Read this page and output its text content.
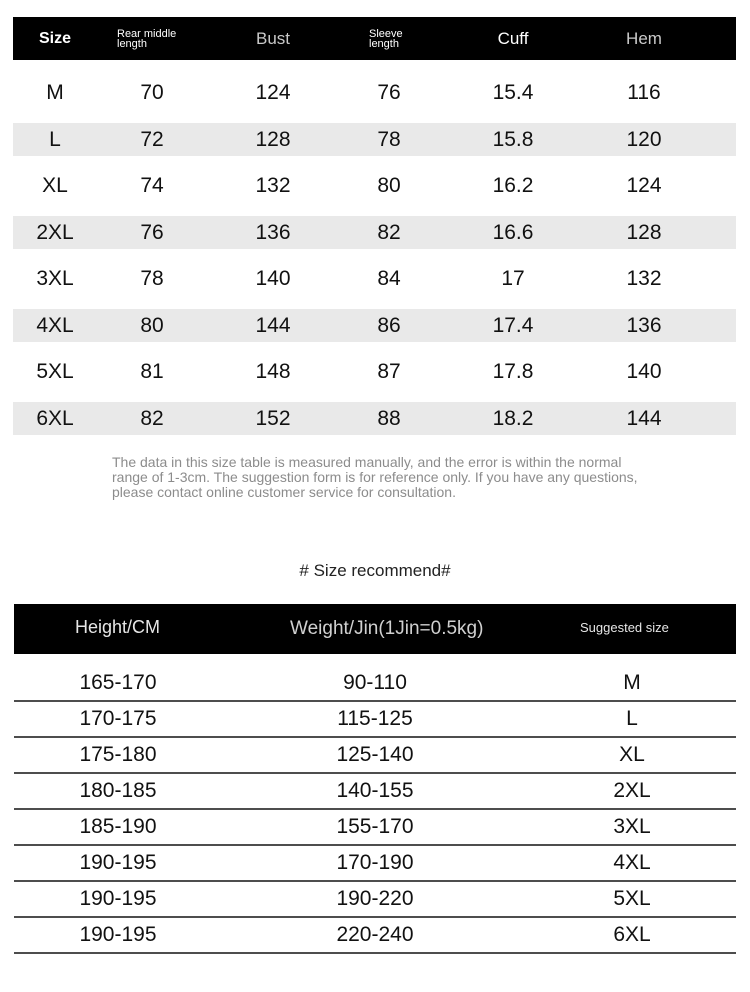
Size	Rear middle length	Bust	Sleeve length	Cuff	Hem
M	70	124	76	15.4	116
L	72	128	78	15.8	120
XL	74	132	80	16.2	124
2XL	76	136	82	16.6	128
3XL	78	140	84	17	132
4XL	80	144	86	17.4	136
5XL	81	148	87	17.8	140
6XL	82	152	88	18.2	144
The data in this size table is measured manually, and the error is within the normal range of 1-3cm. The suggestion form is for reference only. If you have any questions, please contact online customer service for consultation.
# Size recommend#
Height/CM	Weight/Jin(1Jin=0.5kg)	Suggested size
165-170	90-110	M
170-175	115-125	L
175-180	125-140	XL
180-185	140-155	2XL
185-190	155-170	3XL
190-195	170-190	4XL
190-195	190-220	5XL
190-195	220-240	6XL
